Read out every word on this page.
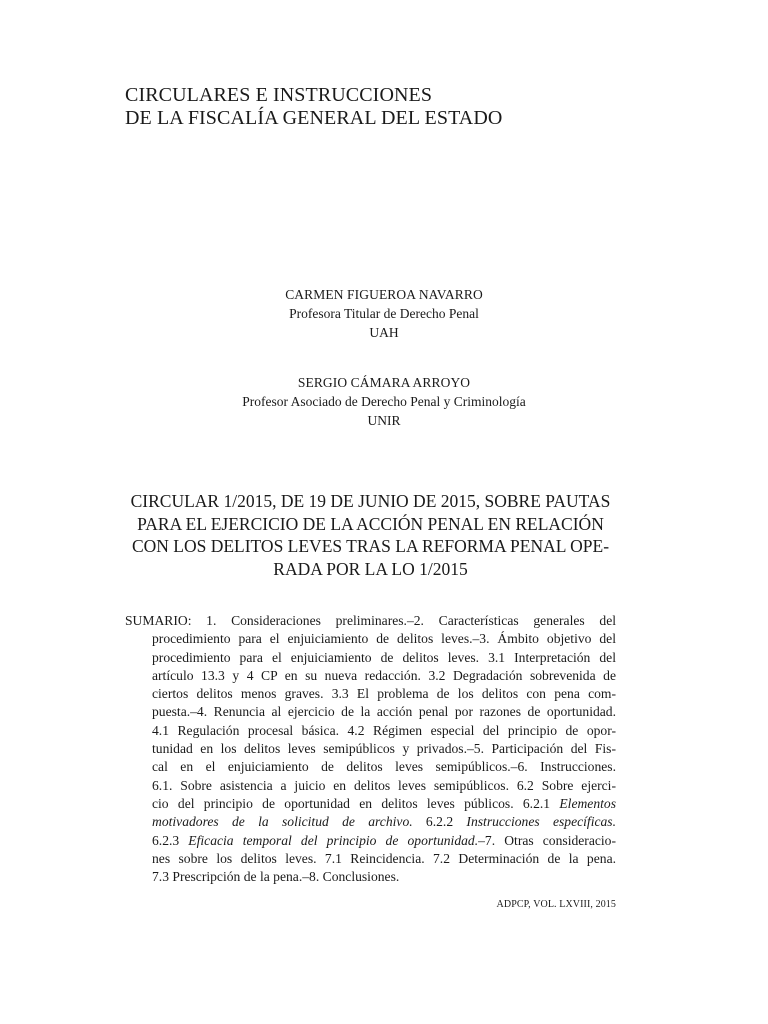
CIRCULARES E INSTRUCCIONES
DE LA FISCALÍA GENERAL DEL ESTADO
CARMEN FIGUEROA NAVARRO
Profesora Titular de Derecho Penal
UAH
SERGIO CÁMARA ARROYO
Profesor Asociado de Derecho Penal y Criminología
UNIR
CIRCULAR 1/2015, DE 19 DE JUNIO DE 2015, SOBRE PAUTAS
PARA EL EJERCICIO DE LA ACCIÓN PENAL EN RELACIÓN
CON LOS DELITOS LEVES TRAS LA REFORMA PENAL OPE-
RADA POR LA LO 1/2015
SUMARIO: 1. Consideraciones preliminares.–2. Características generales del
procedimiento para el enjuiciamiento de delitos leves.–3. Ámbito objetivo del
procedimiento para el enjuiciamiento de delitos leves. 3.1 Interpretación del
artículo 13.3 y 4 CP en su nueva redacción. 3.2 Degradación sobrevenida de
ciertos delitos menos graves. 3.3 El problema de los delitos con pena com-
puesta.–4. Renuncia al ejercicio de la acción penal por razones de oportunidad.
4.1 Regulación procesal básica. 4.2 Régimen especial del principio de opor-
tunidad en los delitos leves semipúblicos y privados.–5. Participación del Fis-
cal en el enjuiciamiento de delitos leves semipúblicos.–6. Instrucciones.
6.1. Sobre asistencia a juicio en delitos leves semipúblicos. 6.2 Sobre ejerci-
cio del principio de oportunidad en delitos leves públicos. 6.2.1 Elementos
motivadores de la solicitud de archivo. 6.2.2 Instrucciones específicas.
6.2.3 Eficacia temporal del principio de oportunidad.–7. Otras consideracio-
nes sobre los delitos leves. 7.1 Reincidencia. 7.2 Determinación de la pena.
7.3 Prescripción de la pena.–8. Conclusiones.
ADPCP, VOL. LXVIII, 2015
